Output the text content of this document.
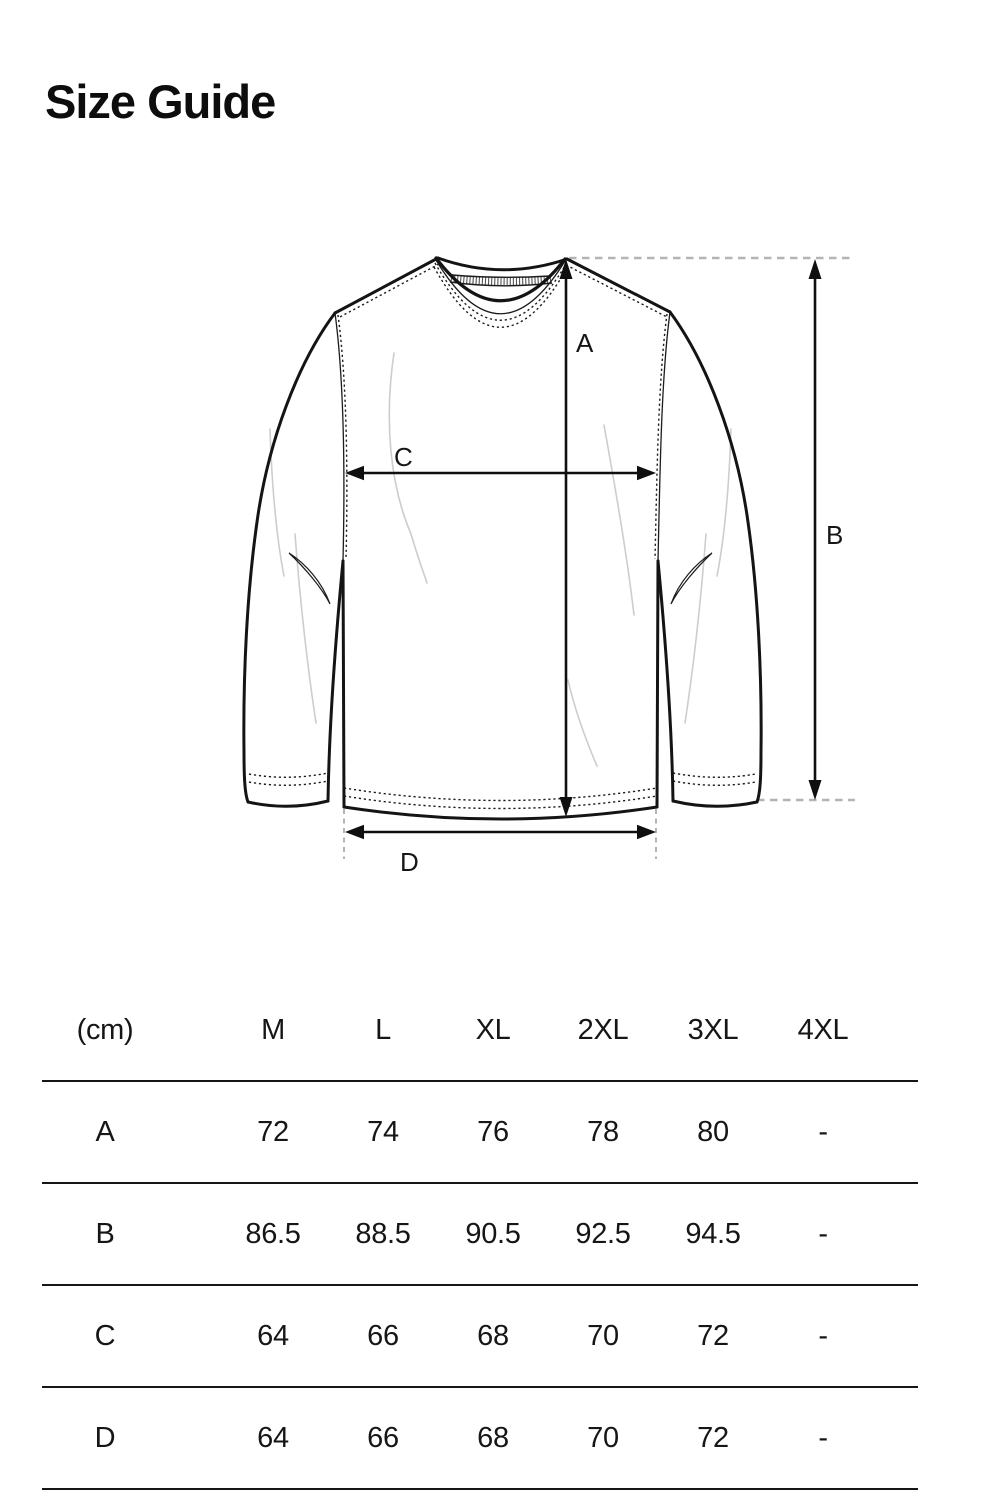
Size Guide
A
B
C
D
(cm)	M	L	XL	2XL	3XL	4XL
A	72	74	76	78	80	-
B	86.5	88.5	90.5	92.5	94.5	-
C	64	66	68	70	72	-
D	64	66	68	70	72	-
